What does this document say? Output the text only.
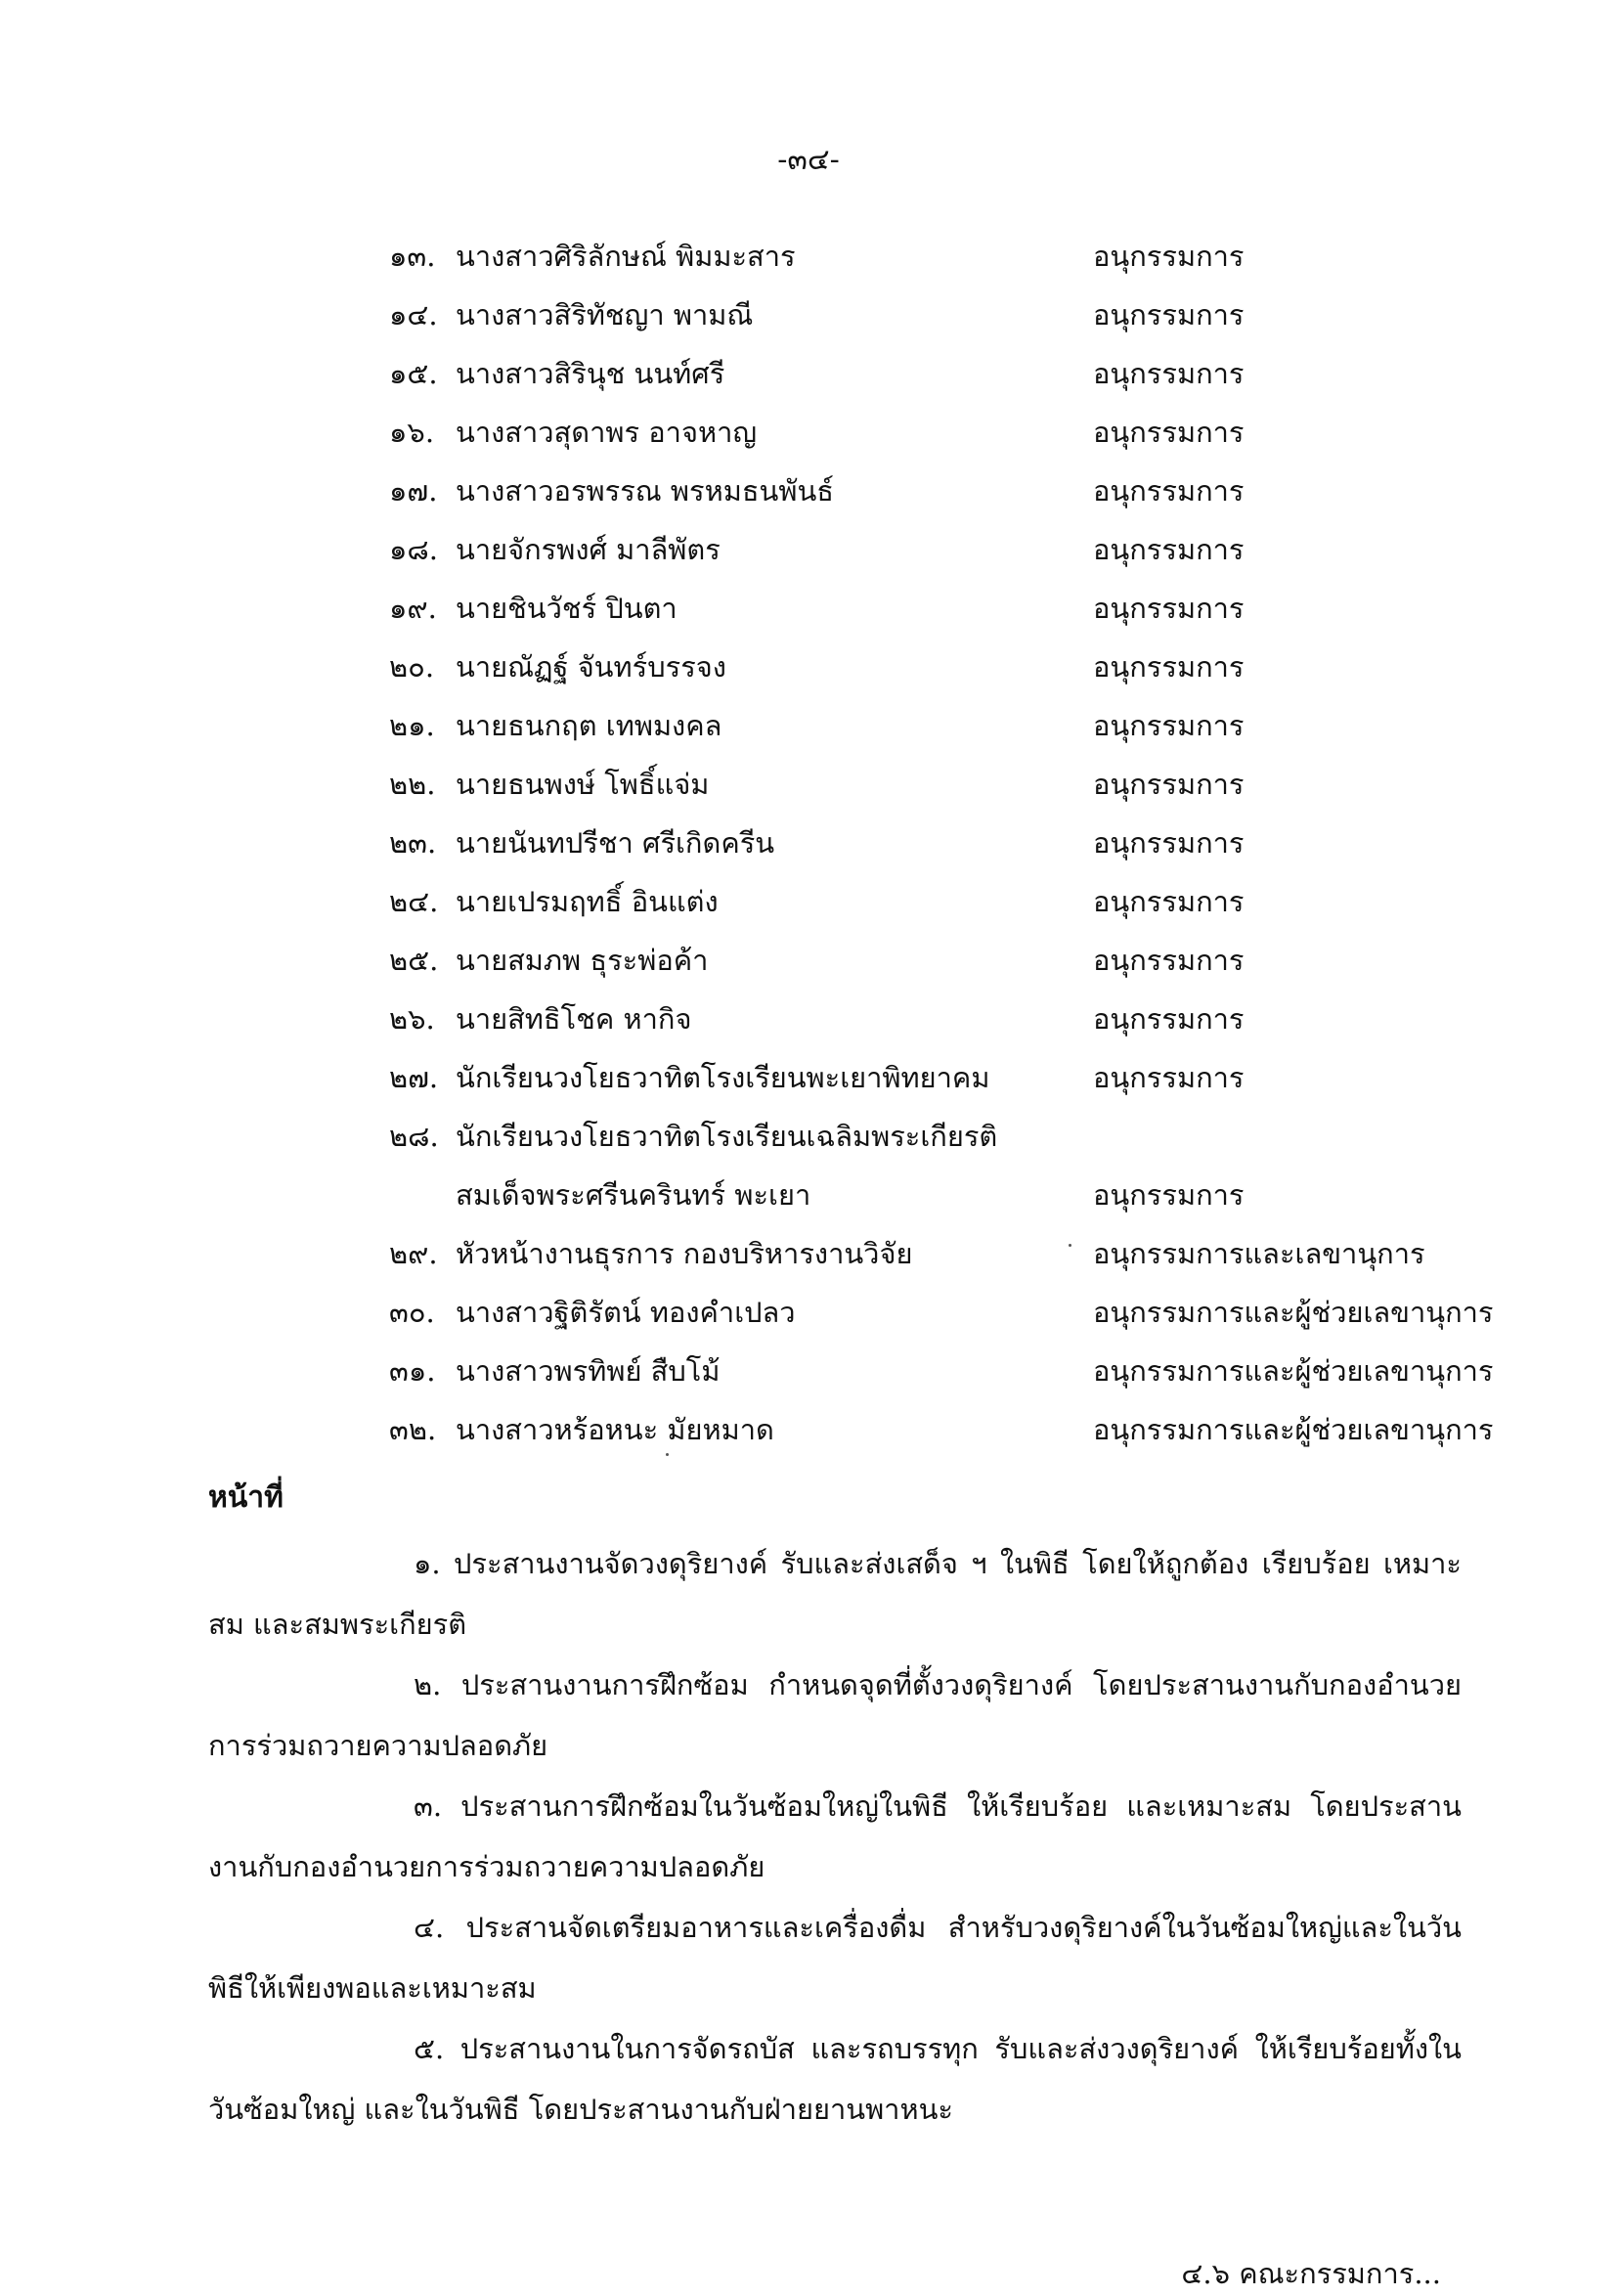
-๓๔-
๑๓. นางสาวศิริลักษณ์ พิมมะสาร	อนุกรรมการ
๑๔. นางสาวสิริทัชญา พามณี	อนุกรรมการ
๑๕. นางสาวสิรินุช นนท์ศรี	อนุกรรมการ
๑๖. นางสาวสุดาพร อาจหาญ	อนุกรรมการ
๑๗. นางสาวอรพรรณ พรหมธนพันธ์	อนุกรรมการ
๑๘. นายจักรพงศ์ มาลีพัตร	อนุกรรมการ
๑๙. นายชินวัชร์ ปินตา	อนุกรรมการ
๒๐. นายณัฏฐ์ จันทร์บรรจง	อนุกรรมการ
๒๑. นายธนกฤต เทพมงคล	อนุกรรมการ
๒๒. นายธนพงษ์ โพธิ์แจ่ม	อนุกรรมการ
๒๓. นายนันทปรีชา ศรีเกิดครีน	อนุกรรมการ
๒๔. นายเปรมฤทธิ์ อินแต่ง	อนุกรรมการ
๒๕. นายสมภพ ธุระพ่อค้า	อนุกรรมการ
๒๖. นายสิทธิโชค หากิจ	อนุกรรมการ
๒๗. นักเรียนวงโยธวาทิตโรงเรียนพะเยาพิทยาคม	อนุกรรมการ
๒๘. นักเรียนวงโยธวาทิตโรงเรียนเฉลิมพระเกียรติ
สมเด็จพระศรีนครินทร์ พะเยา	อนุกรรมการ
๒๙. หัวหน้างานธุรการ กองบริหารงานวิจัย	อนุกรรมการและเลขานุการ
๓๐. นางสาวฐิติรัตน์ ทองคำเปลว	อนุกรรมการและผู้ช่วยเลขานุการ
๓๑. นางสาวพรทิพย์ สืบโม้	อนุกรรมการและผู้ช่วยเลขานุการ
๓๒. นางสาวหร้อหนะ มัยหมาด	อนุกรรมการและผู้ช่วยเลขานุการ
หน้าที่

๑. ประสานงานจัดวงดุริยางค์ รับและส่งเสด็จ ฯ ในพิธี โดยให้ถูกต้อง เรียบร้อย เหมาะสม และสมพระเกียรติ

๒. ประสานงานการฝึกซ้อม กำหนดจุดที่ตั้งวงดุริยางค์ โดยประสานงานกับกองอำนวยการร่วมถวายความปลอดภัย

๓. ประสานการฝึกซ้อมในวันซ้อมใหญ่ในพิธี ให้เรียบร้อย และเหมาะสม โดยประสานงานกับกองอำนวยการร่วมถวายความปลอดภัย

๔. ประสานจัดเตรียมอาหารและเครื่องดื่ม สำหรับวงดุริยางค์ในวันซ้อมใหญ่และในวันพิธีให้เพียงพอและเหมาะสม

๕. ประสานงานในการจัดรถบัส และรถบรรทุก รับและส่งวงดุริยางค์ ให้เรียบร้อยทั้งในวันซ้อมใหญ่ และในวันพิธี โดยประสานงานกับฝ่ายยานพาหนะ

๔.๖ คณะกรรมการ...
